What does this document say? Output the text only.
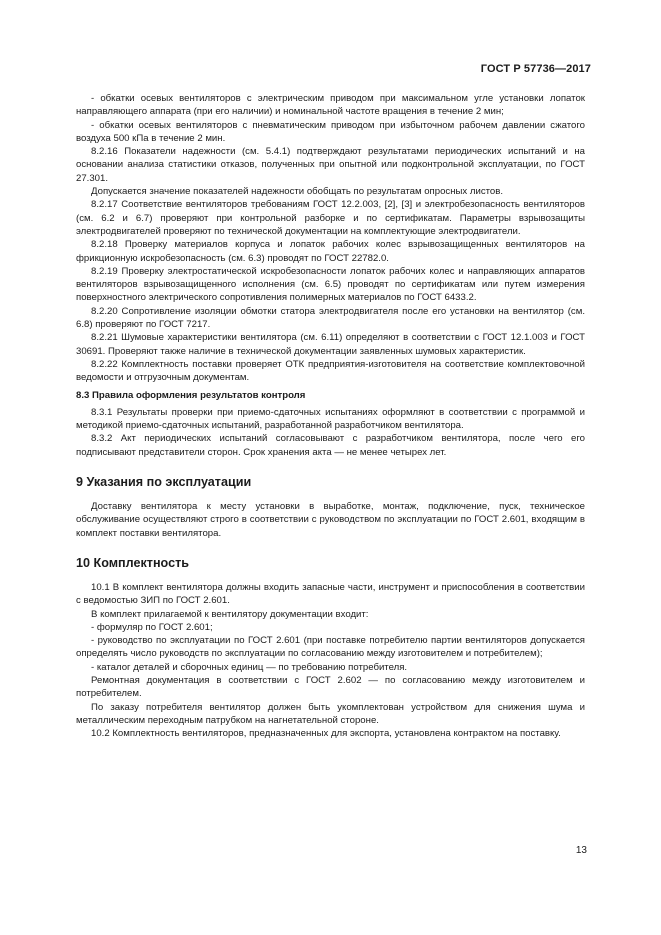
ГОСТ Р 57736—2017

- обкатки осевых вентиляторов с электрическим приводом при максимальном угле установки лопаток направляющего аппарата (при его наличии) и номинальной частоте вращения в течение 2 мин;

- обкатки осевых вентиляторов с пневматическим приводом при избыточном рабочем давлении сжатого воздуха 500 кПа в течение 2 мин.

8.2.16 Показатели надежности (см. 5.4.1) подтверждают результатами периодических испытаний и на основании анализа статистики отказов, полученных при опытной или подконтрольной эксплуатации, по ГОСТ 27.301.

Допускается значение показателей надежности обобщать по результатам опросных листов.

8.2.17 Соответствие вентиляторов требованиям ГОСТ 12.2.003, [2], [3] и электробезопасность вентиляторов (см. 6.2 и 6.7) проверяют при контрольной разборке и по сертификатам. Параметры взрывозащиты электродвигателей проверяют по технической документации на комплектующие электродвигатели.

8.2.18 Проверку материалов корпуса и лопаток рабочих колес взрывозащищенных вентиляторов на фрикционную искробезопасность (см. 6.3) проводят по ГОСТ 22782.0.

8.2.19 Проверку электростатической искробезопасности лопаток рабочих колес и направляющих аппаратов вентиляторов взрывозащищенного исполнения (см. 6.5) проводят по сертификатам или путем измерения поверхностного электрического сопротивления полимерных материалов по ГОСТ 6433.2.

8.2.20 Сопротивление изоляции обмотки статора электродвигателя после его установки на вентилятор (см. 6.8) проверяют по ГОСТ 7217.

8.2.21 Шумовые характеристики вентилятора (см. 6.11) определяют в соответствии с ГОСТ 12.1.003 и ГОСТ 30691. Проверяют также наличие в технической документации заявленных шумовых характеристик.

8.2.22 Комплектность поставки проверяет ОТК предприятия-изготовителя на соответствие комплектовочной ведомости и отгрузочным документам.

8.3 Правила оформления результатов контроля

8.3.1 Результаты проверки при приемо-сдаточных испытаниях оформляют в соответствии с программой и методикой приемо-сдаточных испытаний, разработанной разработчиком вентилятора.

8.3.2 Акт периодических испытаний согласовывают с разработчиком вентилятора, после чего его подписывают представители сторон. Срок хранения акта — не менее четырех лет.

9 Указания по эксплуатации

Доставку вентилятора к месту установки в выработке, монтаж, подключение, пуск, техническое обслуживание осуществляют строго в соответствии с руководством по эксплуатации по ГОСТ 2.601, входящим в комплект поставки вентилятора.

10 Комплектность

10.1 В комплект вентилятора должны входить запасные части, инструмент и приспособления в соответствии с ведомостью ЗИП по ГОСТ 2.601.

В комплект прилагаемой к вентилятору документации входит:

- формуляр по ГОСТ 2.601;

- руководство по эксплуатации по ГОСТ 2.601 (при поставке потребителю партии вентиляторов допускается определять число руководств по эксплуатации по согласованию между изготовителем и потребителем);

- каталог деталей и сборочных единиц — по требованию потребителя.

Ремонтная документация в соответствии с ГОСТ 2.602 — по согласованию между изготовителем и потребителем.

По заказу потребителя вентилятор должен быть укомплектован устройством для снижения шума и металлическим переходным патрубком на нагнетательной стороне.

10.2 Комплектность вентиляторов, предназначенных для экспорта, установлена контрактом на поставку.

13
